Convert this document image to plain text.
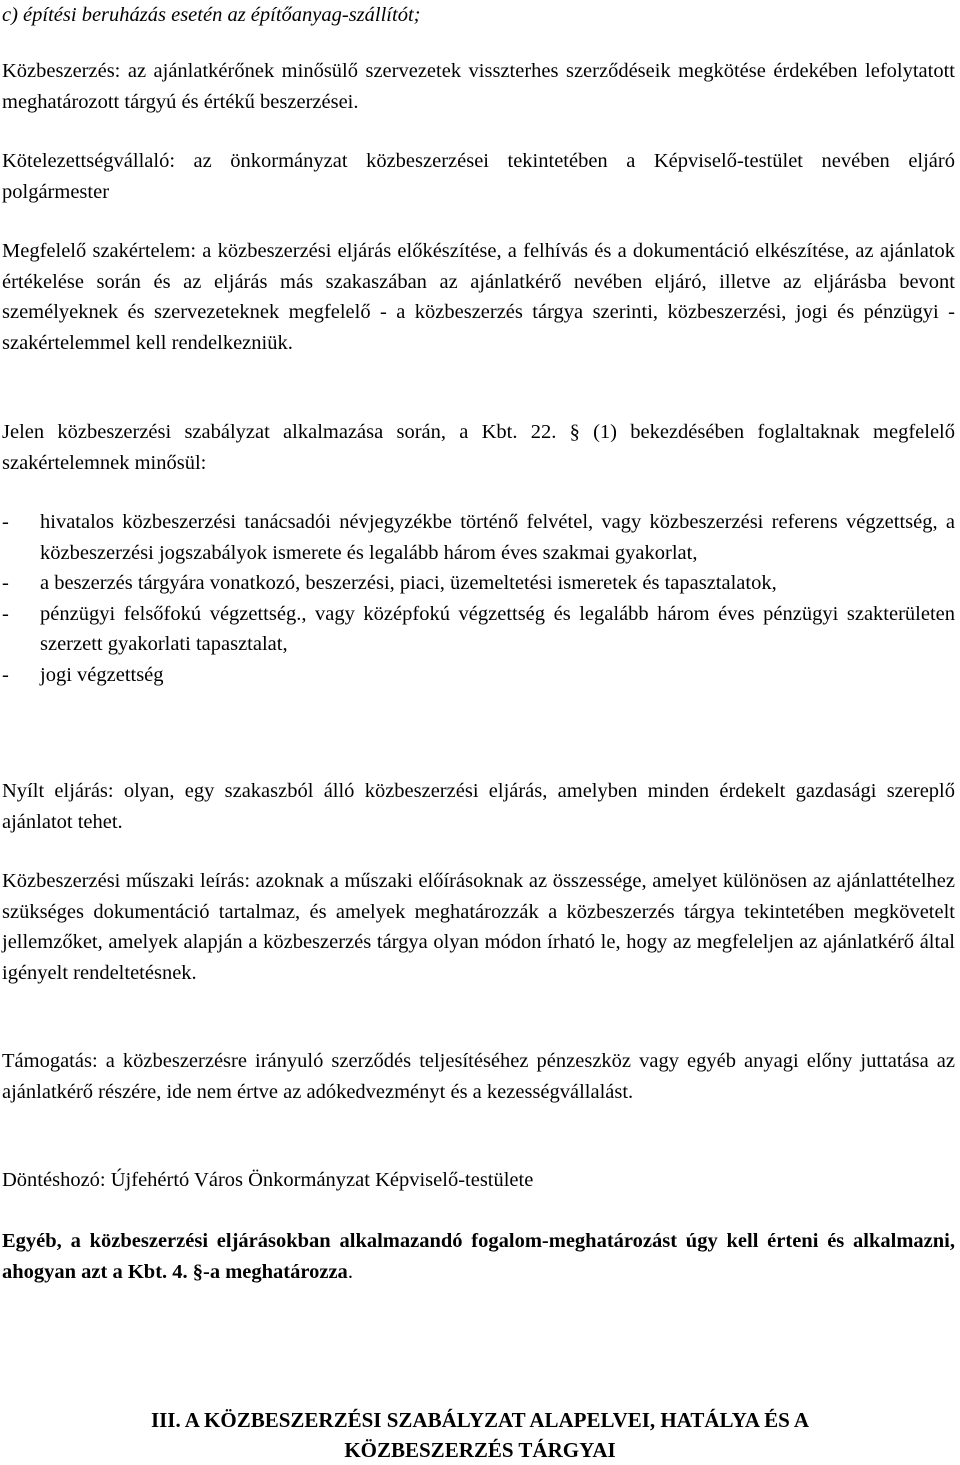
c) építési beruházás esetén az építőanyag-szállítót;

Közbeszerzés: az ajánlatkérőnek minősülő szervezetek visszterhes szerződéseik megkötése érdekében lefolytatott meghatározott tárgyú és értékű beszerzései.

Kötelezettségvállaló: az önkormányzat közbeszerzései tekintetében a Képviselő-testület nevében eljáró polgármester

Megfelelő szakértelem: a közbeszerzési eljárás előkészítése, a felhívás és a dokumentáció elkészítése, az ajánlatok értékelése során és az eljárás más szakaszában az ajánlatkérő nevében eljáró, illetve az eljárásba bevont személyeknek és szervezeteknek megfelelő - a közbeszerzés tárgya szerinti, közbeszerzési, jogi és pénzügyi - szakértelemmel kell rendelkezniük.

Jelen közbeszerzési szabályzat alkalmazása során, a Kbt. 22. § (1) bekezdésében foglaltaknak megfelelő szakértelemnek minősül:

- hivatalos közbeszerzési tanácsadói névjegyzékbe történő felvétel, vagy közbeszerzési referens végzettség, a közbeszerzési jogszabályok ismerete és legalább három éves szakmai gyakorlat,
- a beszerzés tárgyára vonatkozó, beszerzési, piaci, üzemeltetési ismeretek és tapasztalatok,
- pénzügyi felsőfokú végzettség., vagy középfokú végzettség és legalább három éves pénzügyi szakterületen szerzett gyakorlati tapasztalat,
- jogi végzettség

Nyílt eljárás: olyan, egy szakaszból álló közbeszerzési eljárás, amelyben minden érdekelt gazdasági szereplő ajánlatot tehet.

Közbeszerzési műszaki leírás: azoknak a műszaki előírásoknak az összessége, amelyet különösen az ajánlattételhez szükséges dokumentáció tartalmaz, és amelyek meghatározzák a közbeszerzés tárgya tekintetében megkövetelt jellemzőket, amelyek alapján a közbeszerzés tárgya olyan módon írható le, hogy az megfeleljen az ajánlatkérő által igényelt rendeltetésnek.

Támogatás: a közbeszerzésre irányuló szerződés teljesítéséhez pénzeszköz vagy egyéb anyagi előny juttatása az ajánlatkérő részére, ide nem értve az adókedvezményt és a kezességvállalást.

Döntéshozó: Újfehértó Város Önkormányzat Képviselő-testülete

Egyéb, a közbeszerzési eljárásokban alkalmazandó fogalom-meghatározást úgy kell érteni és alkalmazni, ahogyan azt a Kbt. 4. §-a meghatározza.

III. A KÖZBESZERZÉSI SZABÁLYZAT ALAPELVEI, HATÁLYA ÉS A

KÖZBESZERZÉS TÁRGYAI
